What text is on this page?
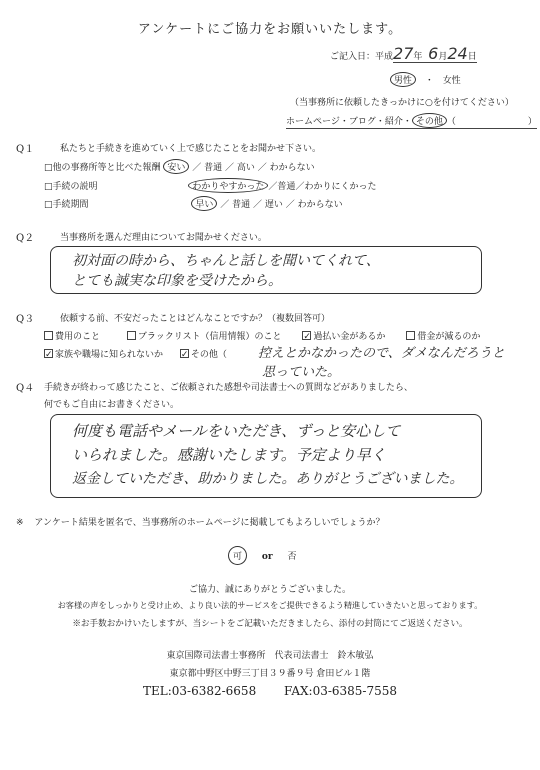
アンケートにご協力をお願いいたします。
ご記入日：平成27年 6月24日
男性 ・ 女性
（当事務所に依頼したきっかけに○を付けてください）
ホームページ・ブログ・紹介・ その他 （　　　　　　　　）
Q１	私たちと手続きを進めていく上で感じたことをお聞かせ下さい。
□他の事務所等と比べた報酬 安い ／ 普通 ／ 高い ／ わからない
□手続の説明	わかりやすかった ／普通／わかりにくかった
□手続期間	早い ／ 普通 ／ 遅い ／ わからない
Q２	当事務所を選んだ理由についてお聞かせください。
初対面の時から、ちゃんと話しを聞いてくれて、
とても誠実な印象を受けたから。
Q３	依頼する前、不安だったことはどんなことですか？（複数回答可）
費用のこと	ブラックリスト（信用情報）のこと ✓ 過払い金があるか	借金が減るのか
✓ 家族や職場に知られないか ✓ その他（ 控えとかなかったので、ダメなんだろうと
思っていた。
Q４ 手続きが終わって感じたこと、ご依頼された感想や司法書士への質問などがありましたら、
何でもご自由にお書きください。
何度も電話やメールをいただき、ずっと安心して
いられました。感謝いたします。予定より早く
返金していただき、助かりました。ありがとうございました。
※ アンケート結果を匿名で、当事務所のホームページに掲載してもよろしいでしょうか？
可 or 否
ご協力、誠にありがとうございました。
お客様の声をしっかりと受け止め、より良い法的サービスをご提供できるよう精進していきたいと思っております。
※お手数おかけいたしますが、当シートをご記載いただきましたら、添付の封筒にてご返送ください。
東京国際司法書士事務所　代表司法書士　鈴木敏弘
東京都中野区中野三丁目３９番９号 倉田ビル１階
TEL:03-6382-6658 FAX:03-6385-7558
